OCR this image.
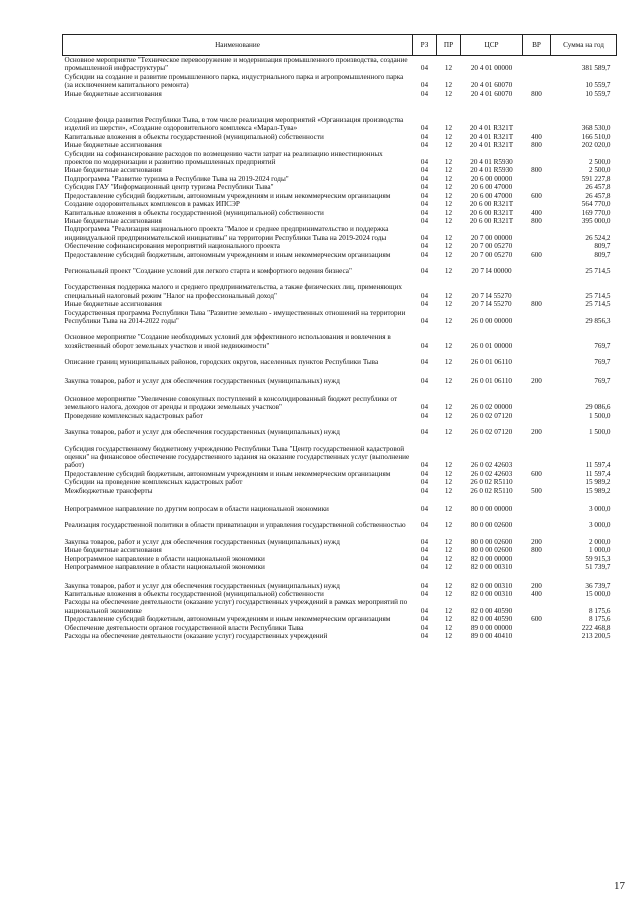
Наименование	РЗ	ПР	ЦСР	ВР	Сумма на год
Основное мероприятие "Техническое перевооружение и модернизация промышленного производства, создание промышленной инфраструктуры"	04	12	20 4 01 00000		381 589,7
Субсидии на создание и развитие промышленного парка, индустриального парка и агропромышленного парка (за исключением капитального ремонта)	04	12	20 4 01 60070		10 559,7
Иные бюджетные ассигнования	04	12	20 4 01 60070	800	10 559,7
Создание фонда развития Республики Тыва, в том числе реализация мероприятий «Организация производства изделий из шерсти», «Создание оздоровительного комплекса «Марал-Тува»	04	12	20 4 01 R321T		368 530,0
Капитальные вложения в объекты государственной (муниципальной) собственности	04	12	20 4 01 R321T	400	166 510,0
Иные бюджетные ассигнования	04	12	20 4 01 R321T	800	202 020,0
Субсидии на софинансирование расходов по возмещению части затрат на реализацию инвестиционных проектов по модернизации и развитию промышленных предприятий	04	12	20 4 01 R5930		2 500,0
Иные бюджетные ассигнования	04	12	20 4 01 R5930	800	2 500,0
Подпрограмма "Развитие туризма в Республике Тыва на 2019-2024 годы"	04	12	20 6 00 00000		591 227,8
Субсидия ГАУ "Информационный центр туризма Республики Тыва"	04	12	20 6 00 47000		26 457,8
Предоставление субсидий бюджетным, автономным учреждениям и иным некоммерческим организациям	04	12	20 6 00 47000	600	26 457,8
Создание оздоровительных комплексов в рамках ИПСЭР	04	12	20 6 00 R321T		564 770,0
Капитальные вложения в объекты государственной (муниципальной) собственности	04	12	20 6 00 R321T	400	169 770,0
Иные бюджетные ассигнования	04	12	20 6 00 R321T	800	395 000,0
Подпрограмма "Реализация национального проекта "Малое и среднее предпринимательство и поддержка индивидуальной предпринимательской инициативы" на территории Республики Тыва на 2019-2024 годы	04	12	20 7 00 00000		26 524,2
Обеспечение софинансирования мероприятий национального проекта	04	12	20 7 00 05270		809,7
Предоставление субсидий бюджетным, автономным учреждениям и иным некоммерческим организациям	04	12	20 7 00 05270	600	809,7
Региональный проект "Создание условий для легкого старта и комфортного ведения бизнеса"	04	12	20 7 I4 00000		25 714,5
Государственная поддержка малого и среднего предпринимательства, а также физических лиц, применяющих специальный налоговый режим "Налог на профессиональный доход"	04	12	20 7 I4 55270		25 714,5
Иные бюджетные ассигнования	04	12	20 7 I4 55270	800	25 714,5
Государственная программа Республики Тыва "Развитие земельно - имущественных отношений на территории Республики Тыва на 2014-2022 годы"	04	12	26 0 00 00000		29 856,3
Основное мероприятие "Создание необходимых условий для эффективного использования и вовлечения в хозяйственный оборот земельных участков и иной недвижимости"	04	12	26 0 01 00000		769,7
Описание границ муниципальных районов, городских округов, населенных пунктов Республики Тыва	04	12	26 0 01 06110		769,7
Закупка товаров, работ и услуг для обеспечения государственных (муниципальных) нужд	04	12	26 0 01 06110	200	769,7
Основное мероприятие "Увеличение совокупных поступлений в консолидированный бюджет республики от земельного налога, доходов от аренды и продажи земельных участков"	04	12	26 0 02 00000		29 086,6
Проведение комплексных кадастровых работ	04	12	26 0 02 07120		1 500,0
Закупка товаров, работ и услуг для обеспечения государственных (муниципальных) нужд	04	12	26 0 02 07120	200	1 500,0
Субсидия государственному бюджетному учреждению Республики Тыва "Центр государственной кадастровой оценки" на финансовое обеспечение государственного задания на оказание государственных услуг (выполнение работ)	04	12	26 0 02 42603		11 597,4
Предоставление субсидий бюджетным, автономным учреждениям и иным некоммерческим организациям	04	12	26 0 02 42603	600	11 597,4
Субсидии на проведение комплексных кадастровых работ	04	12	26 0 02 R5110		15 989,2
Межбюджетные трансферты	04	12	26 0 02 R5110	500	15 989,2
Непрограммное направление по другим вопросам в области национальной экономики	04	12	80 0 00 00000		3 000,0
Реализация государственной политики в области приватизации и управления государственной собственностью	04	12	80 0 00 02600		3 000,0
Закупка товаров, работ и услуг для обеспечения государственных (муниципальных) нужд	04	12	80 0 00 02600	200	2 000,0
Иные бюджетные ассигнования	04	12	80 0 00 02600	800	1 000,0
Непрограммное направление в области национальной экономики	04	12	82 0 00 00000		59 915,3
Непрограммное направление в области национальной экономики	04	12	82 0 00 00310		51 739,7
Закупка товаров, работ и услуг для обеспечения государственных (муниципальных) нужд	04	12	82 0 00 00310	200	36 739,7
Капитальные вложения в объекты государственной (муниципальной) собственности	04	12	82 0 00 00310	400	15 000,0
Расходы на обеспечение деятельности (оказание услуг) государственных учреждений в рамках мероприятий по национальной экономике	04	12	82 0 00 40590		8 175,6
Предоставление субсидий бюджетным, автономным учреждениям и иным некоммерческим организациям	04	12	82 0 00 40590	600	8 175,6
Обеспечение деятельности органов государственной власти Республики Тыва	04	12	89 0 00 00000		222 468,8
Расходы на обеспечение деятельности (оказание услуг) государственных учреждений	04	12	89 0 00 40410		213 200,5
17
